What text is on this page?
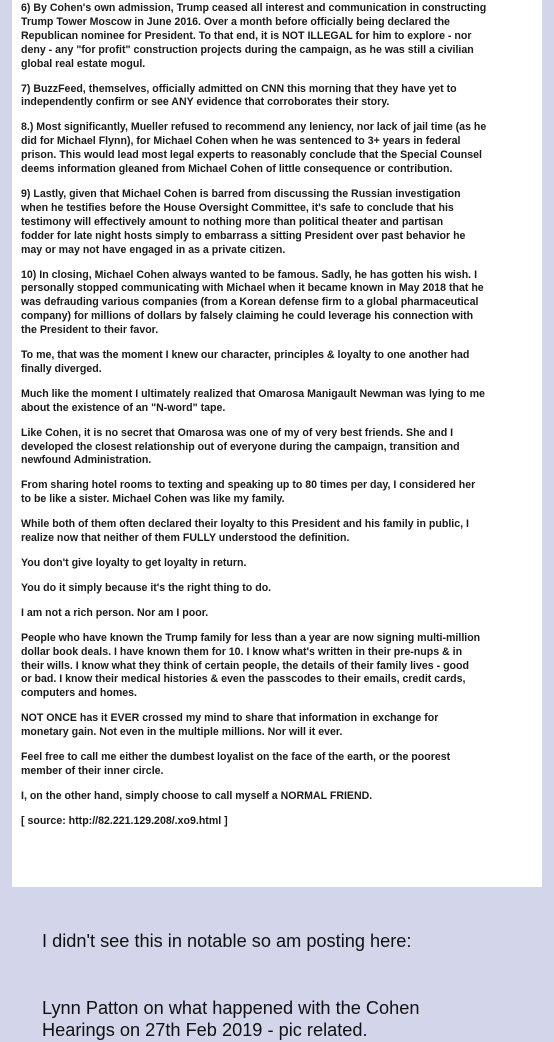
6) By Cohen's own admission, Trump ceased all interest and communication in constructing
Trump Tower Moscow in June 2016. Over a month before officially being declared the
Republican nominee for President. To that end, it is NOT ILLEGAL for him to explore - nor
deny - any "for profit" construction projects during the campaign, as he was still a civilian
global real estate mogul.

7) BuzzFeed, themselves, officially admitted on CNN this morning that they have yet to
independently confirm or see ANY evidence that corroborates their story.

8.) Most significantly, Mueller refused to recommend any leniency, nor lack of jail time (as he
did for Michael Flynn), for Michael Cohen when he was sentenced to 3+ years in federal
prison. This would lead most legal experts to reasonably conclude that the Special Counsel
deems information gleaned from Michael Cohen of little consequence or contribution.

9) Lastly, given that Michael Cohen is barred from discussing the Russian investigation
when he testifies before the House Oversight Committee, it's safe to conclude that his
testimony will effectively amount to nothing more than political theater and partisan
fodder for late night hosts simply to embarrass a sitting President over past behavior he
may or may not have engaged in as a private citizen.

10) In closing, Michael Cohen always wanted to be famous. Sadly, he has gotten his wish. I
personally stopped communicating with Michael when it became known in May 2018 that he
was defrauding various companies (from a Korean defense firm to a global pharmaceutical
company) for millions of dollars by falsely claiming he could leverage his connection with
the President to their favor.

To me, that was the moment I knew our character, principles & loyalty to one another had
finally diverged.

Much like the moment I ultimately realized that Omarosa Manigault Newman was lying to me
about the existence of an "N-word" tape.

Like Cohen, it is no secret that Omarosa was one of my of very best friends. She and I
developed the closest relationship out of everyone during the campaign, transition and
newfound Administration.

From sharing hotel rooms to texting and speaking up to 80 times per day, I considered her
to be like a sister. Michael Cohen was like my family.

While both of them often declared their loyalty to this President and his family in public, I
realize now that neither of them FULLY understood the definition.

You don't give loyalty to get loyalty in return.

You do it simply because it's the right thing to do.

I am not a rich person. Nor am I poor.

People who have known the Trump family for less than a year are now signing multi-million
dollar book deals. I have known them for 10. I know what's written in their pre-nups & in
their wills. I know what they think of certain people, the details of their family lives - good
or bad. I know their medical histories & even the passcodes to their emails, credit cards,
computers and homes.

NOT ONCE has it EVER crossed my mind to share that information in exchange for
monetary gain. Not even in the multiple millions. Nor will it ever.

Feel free to call me either the dumbest loyalist on the face of the earth, or the poorest
member of their inner circle.

I, on the other hand, simply choose to call myself a NORMAL FRIEND.

[ source: http://82.221.129.208/.xo9.html ]

I didn't see this in notable so am posting here:

Lynn Patton on what happened with the Cohen
Hearings on 27th Feb 2019 - pic related.
